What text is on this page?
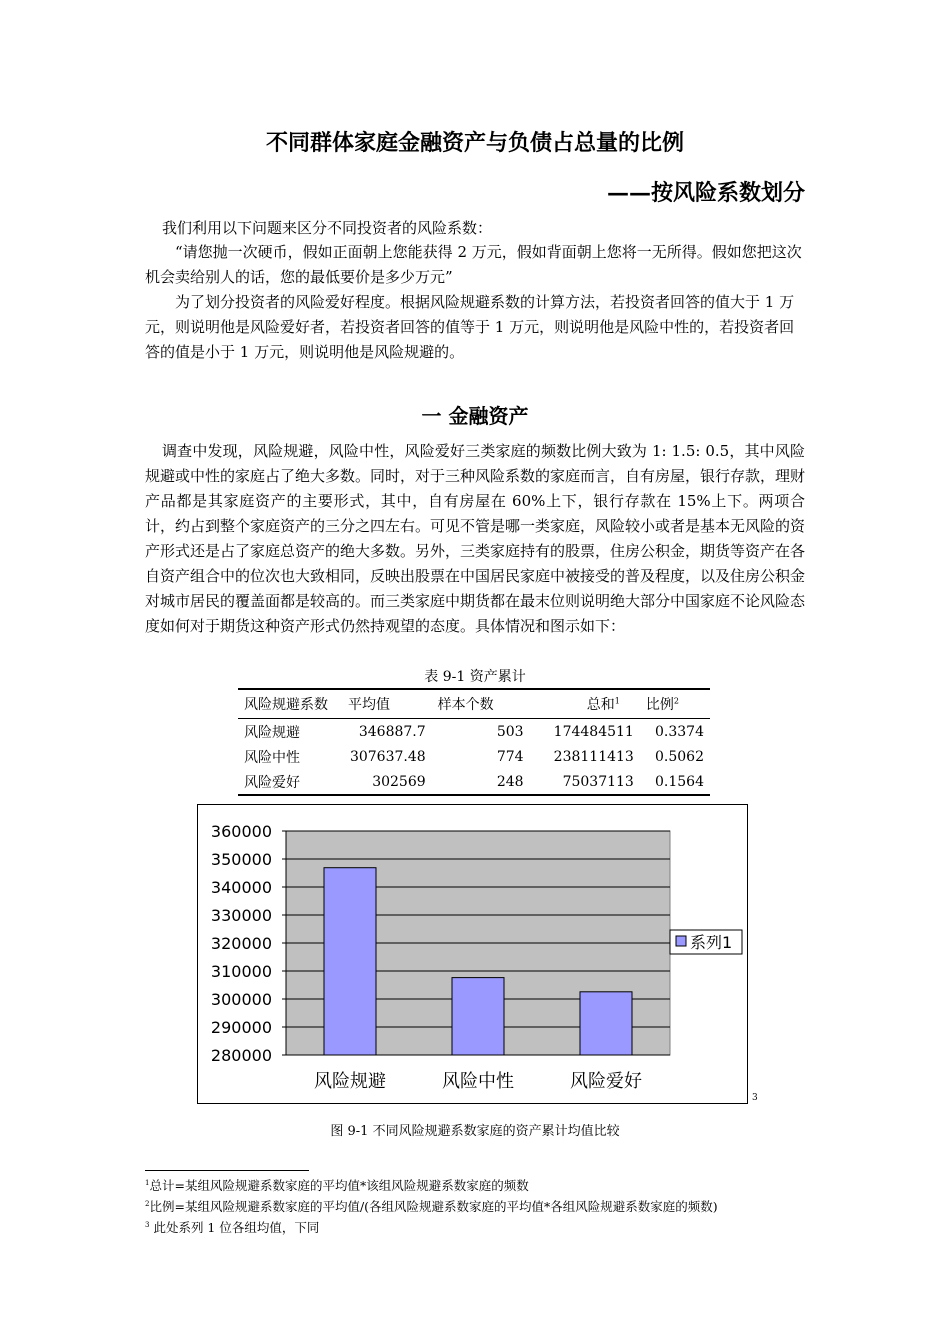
不同群体家庭金融资产与负债占总量的比例
——按风险系数划分
我们利用以下问题来区分不同投资者的风险系数：
“请您抛一次硬币，假如正面朝上您能获得 2 万元，假如背面朝上您将一无所得。假如您把这次机会卖给别人的话，您的最低要价是多少万元”
为了划分投资者的风险爱好程度。根据风险规避系数的计算方法，若投资者回答的值大于 1 万元，则说明他是风险爱好者，若投资者回答的值等于 1 万元，则说明他是风险中性的，若投资者回答的值是小于 1 万元，则说明他是风险规避的。
一 金融资产
调查中发现，风险规避，风险中性，风险爱好三类家庭的频数比例大致为 1: 1.5: 0.5，其中风险规避或中性的家庭占了绝大多数。同时，对于三种风险系数的家庭而言，自有房屋，银行存款，理财产品都是其家庭资产的主要形式，其中，自有房屋在 60%上下，银行存款在 15%上下。两项合计，约占到整个家庭资产的三分之四左右。可见不管是哪一类家庭，风险较小或者是基本无风险的资产形式还是占了家庭总资产的绝大多数。另外，三类家庭持有的股票，住房公积金，期货等资产在各自资产组合中的位次也大致相同，反映出股票在中国居民家庭中被接受的普及程度，以及住房公积金对城市居民的覆盖面都是较高的。而三类家庭中期货都在最末位则说明绝大部分中国家庭不论风险态度如何对于期货这种资产形式仍然持观望的态度。具体情况和图示如下：
表 9-1 资产累计
风险规避系数	平均值	样本个数	总和$^1$	比例$^2$
风险规避	346887.7	503	174484511	0.3374
风险中性	307637.48	774	238111413	0.5062
风险爱好	302569	248	75037113	0.1564
360000
350000
340000
330000
320000
310000
300000
290000
280000
风险规避	风险中性	风险爱好
系列1
3
图 9-1 不同风险规避系数家庭的资产累计均值比较
$^1$总计=某组风险规避系数家庭的平均值*该组风险规避系数家庭的频数
$^2$比例=某组风险规避系数家庭的平均值/(各组风险规避系数家庭的平均值*各组风险规避系数家庭的频数)
$^3$ 此处系列 1 位各组均值，下同
